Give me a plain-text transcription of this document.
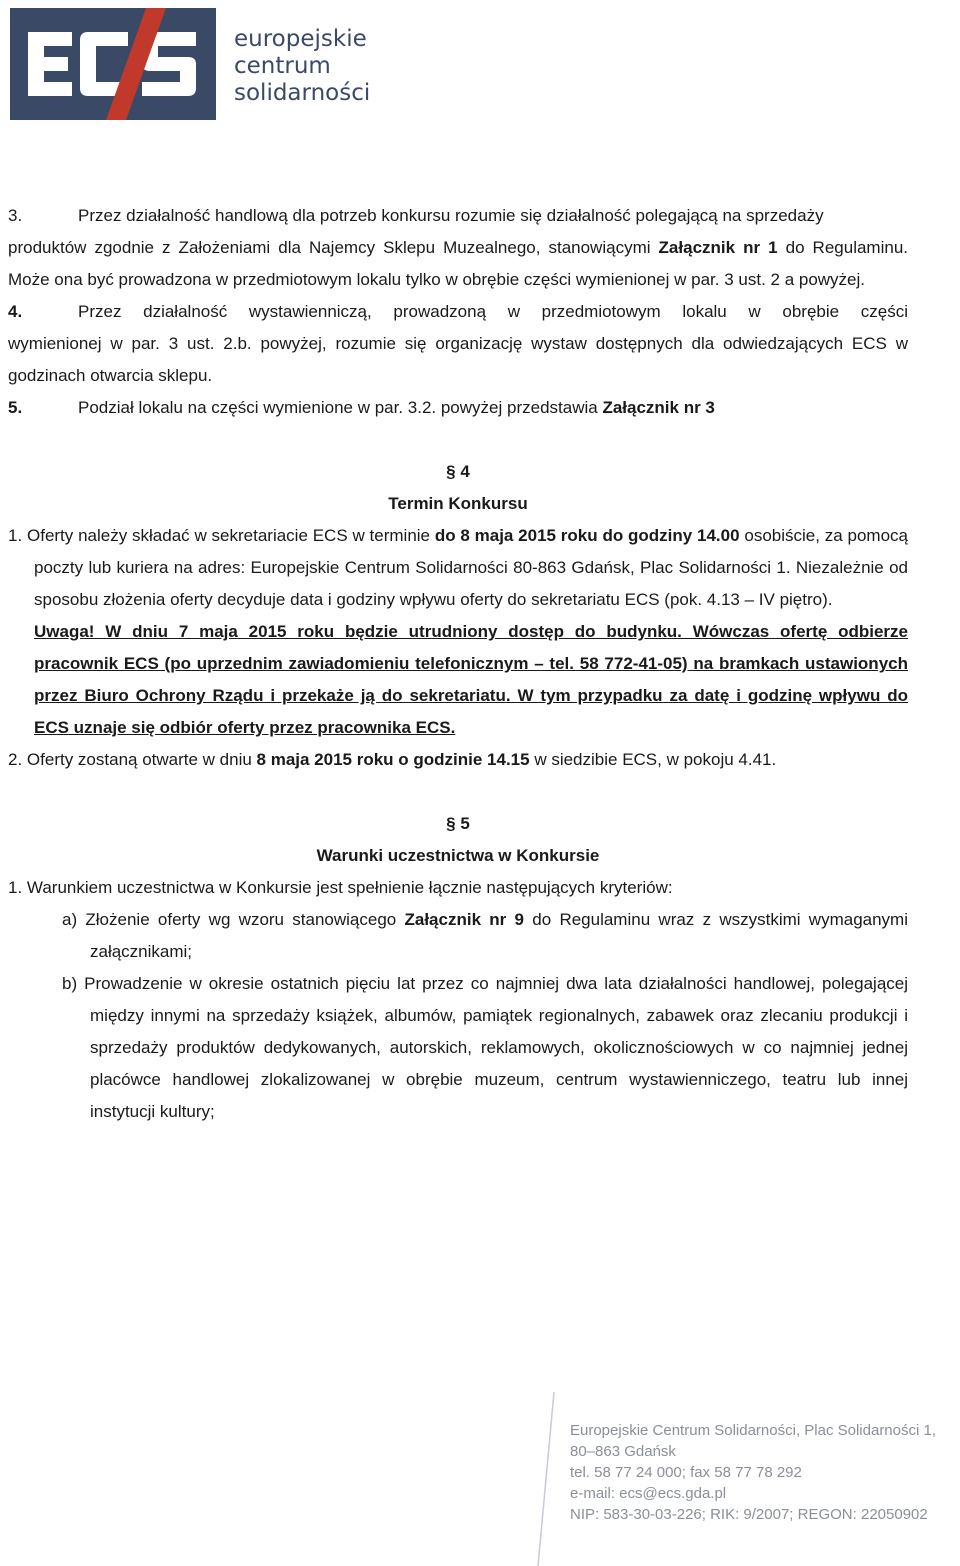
europejskie
centrum
solidarności
3.	Przez działalność handlową dla potrzeb konkursu rozumie się działalność polegającą na sprzedaży

produktów zgodnie z Założeniami dla Najemcy Sklepu Muzealnego, stanowiącymi Załącznik nr 1 do Regulaminu. Może ona być prowadzona w przedmiotowym lokalu tylko w obrębie części wymienionej w par. 3 ust. 2 a powyżej.

4.	Przez działalność wystawienniczą, prowadzoną w przedmiotowym lokalu w obrębie części

wymienionej w par. 3 ust. 2.b. powyżej, rozumie się organizację wystaw dostępnych dla odwiedzających ECS w godzinach otwarcia sklepu.

5.	Podział lokalu na części wymienione w par. 3.2. powyżej przedstawia Załącznik nr 3
§ 4
Termin Konkursu

1. Oferty należy składać w sekretariacie ECS w terminie do 8 maja 2015 roku do godziny 14.00 osobiście, za pomocą poczty lub kuriera na adres: Europejskie Centrum Solidarności 80-863 Gdańsk, Plac Solidarności 1. Niezależnie od sposobu złożenia oferty decyduje data i godziny wpływu oferty do sekretariatu ECS (pok. 4.13 – IV piętro).

Uwaga! W dniu 7 maja 2015 roku będzie utrudniony dostęp do budynku. Wówczas ofertę odbierze pracownik ECS (po uprzednim zawiadomieniu telefonicznym – tel. 58 772-41-05) na bramkach ustawionych przez Biuro Ochrony Rządu i przekaże ją do sekretariatu. W tym przypadku za datę i godzinę wpływu do ECS uznaje się odbiór oferty przez pracownika ECS.

2. Oferty zostaną otwarte w dniu 8 maja 2015 roku o godzinie 14.15 w siedzibie ECS, w pokoju 4.41.

§ 5
Warunki uczestnictwa w Konkursie

1. Warunkiem uczestnictwa w Konkursie jest spełnienie łącznie następujących kryteriów:

a) Złożenie oferty wg wzoru stanowiącego Załącznik nr 9 do Regulaminu wraz z wszystkimi wymaganymi załącznikami;

b) Prowadzenie w okresie ostatnich pięciu lat przez co najmniej dwa lata działalności handlowej, polegającej między innymi na sprzedaży książek, albumów, pamiątek regionalnych, zabawek oraz zlecaniu produkcji i sprzedaży produktów dedykowanych, autorskich, reklamowych, okolicznościowych w co najmniej jednej placówce handlowej zlokalizowanej w obrębie muzeum, centrum wystawienniczego, teatru lub innej instytucji kultury;

Europejskie Centrum Solidarności, Plac Solidarności 1,
80–863 Gdańsk
tel. 58 77 24 000; fax 58 77 78 292
e-mail: ecs@ecs.gda.pl
NIP: 583-30-03-226; RIK: 9/2007; REGON: 22050902
